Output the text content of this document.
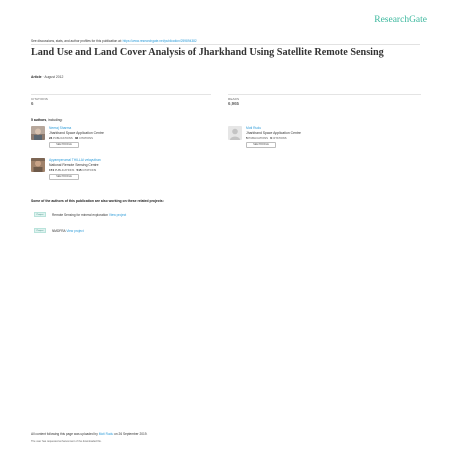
ResearchGate
See discussions, stats, and author profiles for this publication at: https://www.researchgate.net/publication/259894382
Land Use and Land Cover Analysis of Jharkhand Using Satellite Remote Sensing
Article · August 2012
CITATIONS
6
READS
6,965
5 authors, including:
Neeraj Sharma
Jharkhand Space Application Centre
24 PUBLICATIONS 36 CITATIONS
SEE PROFILE
Moti Rudu
Jharkhand Space Application Centre
5 PUBLICATIONS 6 CITATIONS
SEE PROFILE
Ayyamperumal THILLAI velayuthan
National Remote Sensing Centre
174 PUBLICATIONS 515 CITATIONS
SEE PROFILE
Some of the authors of this publication are also working on these related projects:
Project	Remote Sensing for mineral exploration View project
Project	NMDFRA View project
All content following this page was uploaded by Moti Rudu on 26 September 2019.
The user has requested enhancement of the downloaded file.
